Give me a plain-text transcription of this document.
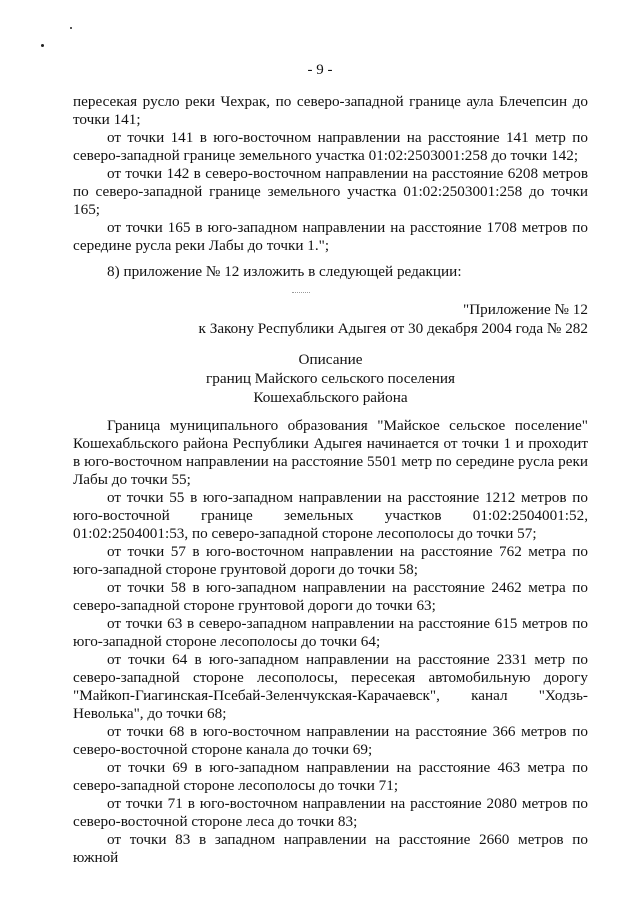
- 9 -

пересекая русло реки Чехрак, по северо-западной границе аула Блечепсин до точки 141;

от точки 141 в юго-восточном направлении на расстояние 141 метр по северо-западной границе земельного участка 01:02:2503001:258 до точки 142;

от точки 142 в северо-восточном направлении на расстояние 6208 метров по северо-западной границе земельного участка 01:02:2503001:258 до точки 165;

от точки 165 в юго-западном направлении на расстояние 1708 метров по середине русла реки Лабы до точки 1.";

8) приложение № 12 изложить в следующей редакции:

"Приложение № 12
к Закону Республики Адыгея от 30 декабря 2004 года № 282
Описание
границ Майского сельского поселения
Кошехабльского района

Граница муниципального образования "Майское сельское поселение" Кошехабльского района Республики Адыгея начинается от точки 1 и проходит в юго-восточном направлении на расстояние 5501 метр по середине русла реки Лабы до точки 55;

от точки 55 в юго-западном направлении на расстояние 1212 метров по юго-восточной границе земельных участков 01:02:2504001:52, 01:02:2504001:53, по северо-западной стороне лесополосы до точки 57;

от точки 57 в юго-восточном направлении на расстояние 762 метра по юго-западной стороне грунтовой дороги до точки 58;

от точки 58 в юго-западном направлении на расстояние 2462 метра по северо-западной стороне грунтовой дороги до точки 63;

от точки 63 в северо-западном направлении на расстояние 615 метров по юго-западной стороне лесополосы до точки 64;

от точки 64 в юго-западном направлении на расстояние 2331 метр по северо-западной стороне лесополосы, пересекая автомобильную дорогу "Майкоп-Гиагинская-Псебай-Зеленчукская-Карачаевск", канал "Ходзь-Неволька", до точки 68;

от точки 68 в юго-восточном направлении на расстояние 366 метров по северо-восточной стороне канала до точки 69;

от точки 69 в юго-западном направлении на расстояние 463 метра по северо-западной стороне лесополосы до точки 71;

от точки 71 в юго-восточном направлении на расстояние 2080 метров по северо-восточной стороне леса до точки 83;

от точки 83 в западном направлении на расстояние 2660 метров по южной
